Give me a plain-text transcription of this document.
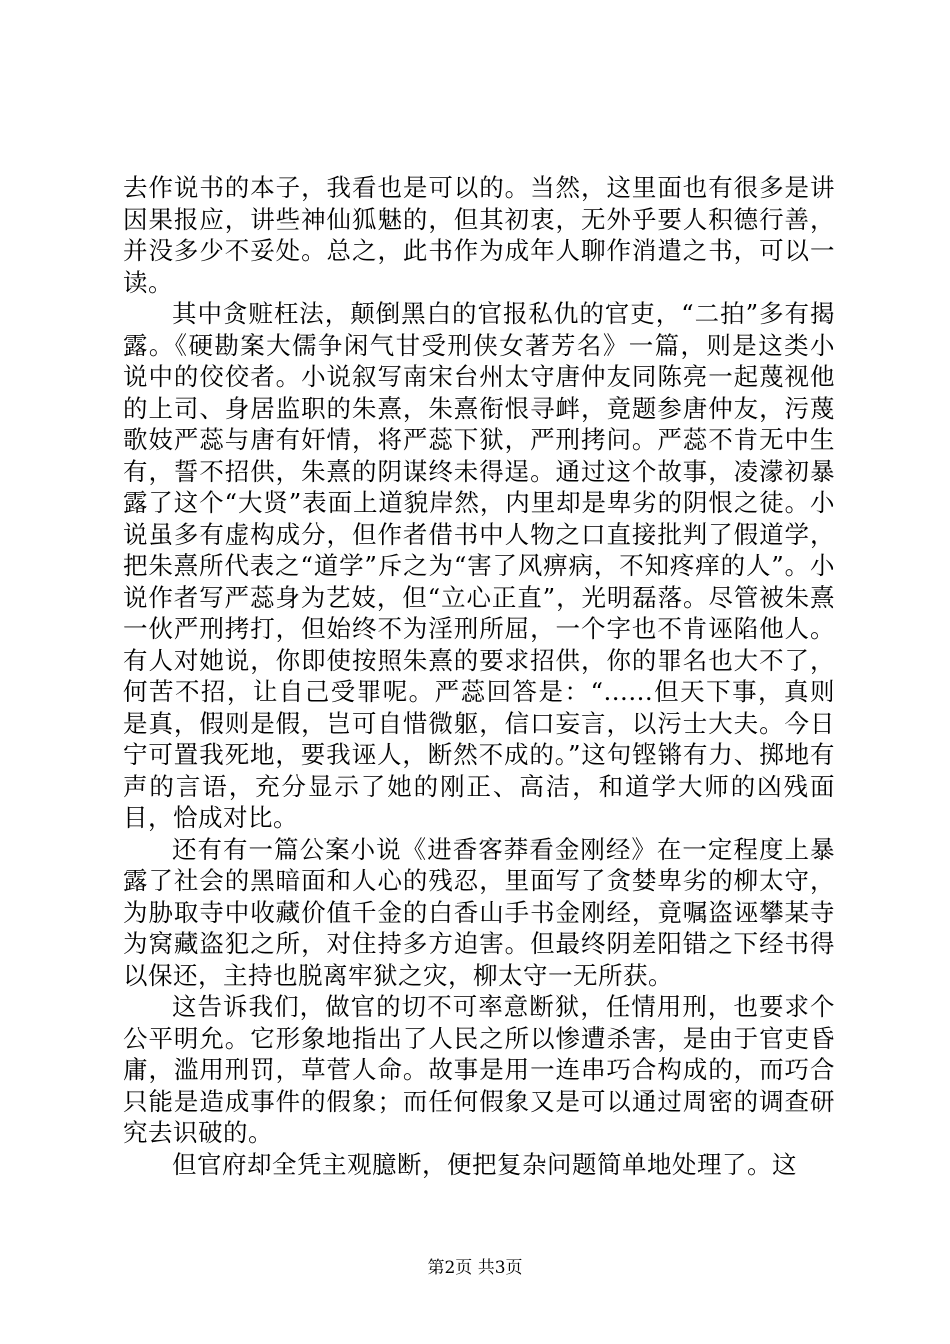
去作说书的本子，我看也是可以的。当然，这里面也有很多是讲因果报应，讲些神仙狐魅的，但其初衷，无外乎要人积德行善，并没多少不妥处。总之，此书作为成年人聊作消遣之书，可以一读。

其中贪赃枉法，颠倒黑白的官报私仇的官吏，“二拍”多有揭露。《硬勘案大儒争闲气甘受刑侠女著芳名》一篇，则是这类小说中的佼佼者。小说叙写南宋台州太守唐仲友同陈亮一起蔑视他的上司、身居监职的朱熹，朱熹衔恨寻衅，竟题参唐仲友，污蔑歌妓严蕊与唐有奸情，将严蕊下狱，严刑拷问。严蕊不肯无中生有，誓不招供，朱熹的阴谋终未得逞。通过这个故事，凌濛初暴露了这个“大贤”表面上道貌岸然，内里却是卑劣的阴恨之徒。小说虽多有虚构成分，但作者借书中人物之口直接批判了假道学，把朱熹所代表之“道学”斥之为“害了风痹病，不知疼痒的人”。小说作者写严蕊身为艺妓，但“立心正直”，光明磊落。尽管被朱熹一伙严刑拷打，但始终不为淫刑所屈，一个字也不肯诬陷他人。有人对她说，你即使按照朱熹的要求招供，你的罪名也大不了，何苦不招，让自己受罪呢。严蕊回答是：“......但天下事，真则是真，假则是假，岂可自惜微躯，信口妄言，以污士大夫。今日宁可置我死地，要我诬人，断然不成的。”这句铿锵有力、掷地有声的言语，充分显示了她的刚正、高洁，和道学大师的凶残面目，恰成对比。

还有有一篇公案小说《进香客莽看金刚经》在一定程度上暴露了社会的黑暗面和人心的残忍，里面写了贪婪卑劣的柳太守，为胁取寺中收藏价值千金的白香山手书金刚经，竟嘱盗诬攀某寺为窝藏盗犯之所，对住持多方迫害。但最终阴差阳错之下经书得以保还，主持也脱离牢狱之灾，柳太守一无所获。

这告诉我们，做官的切不可率意断狱，任情用刑，也要求个公平明允。它形象地指出了人民之所以惨遭杀害，是由于官吏昏庸，滥用刑罚，草菅人命。故事是用一连串巧合构成的，而巧合只能是造成事件的假象；而任何假象又是可以通过周密的调查研究去识破的。

但官府却全凭主观臆断，便把复杂问题简单地处理了。这

第2页 共3页
